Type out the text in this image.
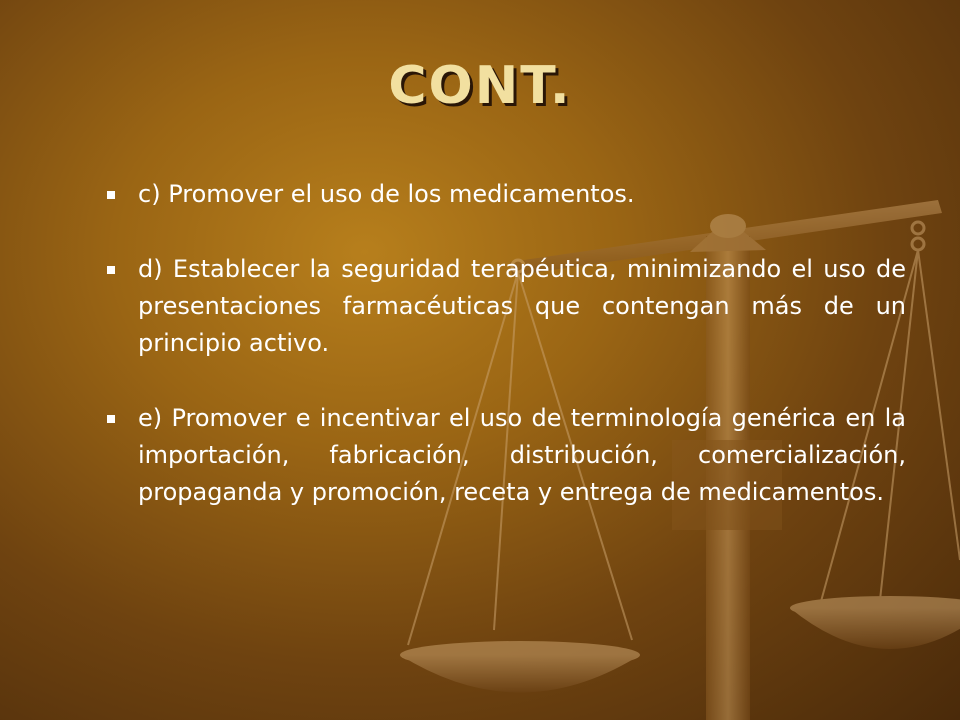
CONT.
c) Promover el uso de los medicamentos.
d) Establecer la seguridad terapéutica, minimizando el uso de presentaciones farmacéuticas que contengan más de un principio activo.
e) Promover e incentivar el uso de terminología genérica en la importación, fabricación, distribución, comercialización, propaganda y promoción, receta y entrega de medicamentos.
